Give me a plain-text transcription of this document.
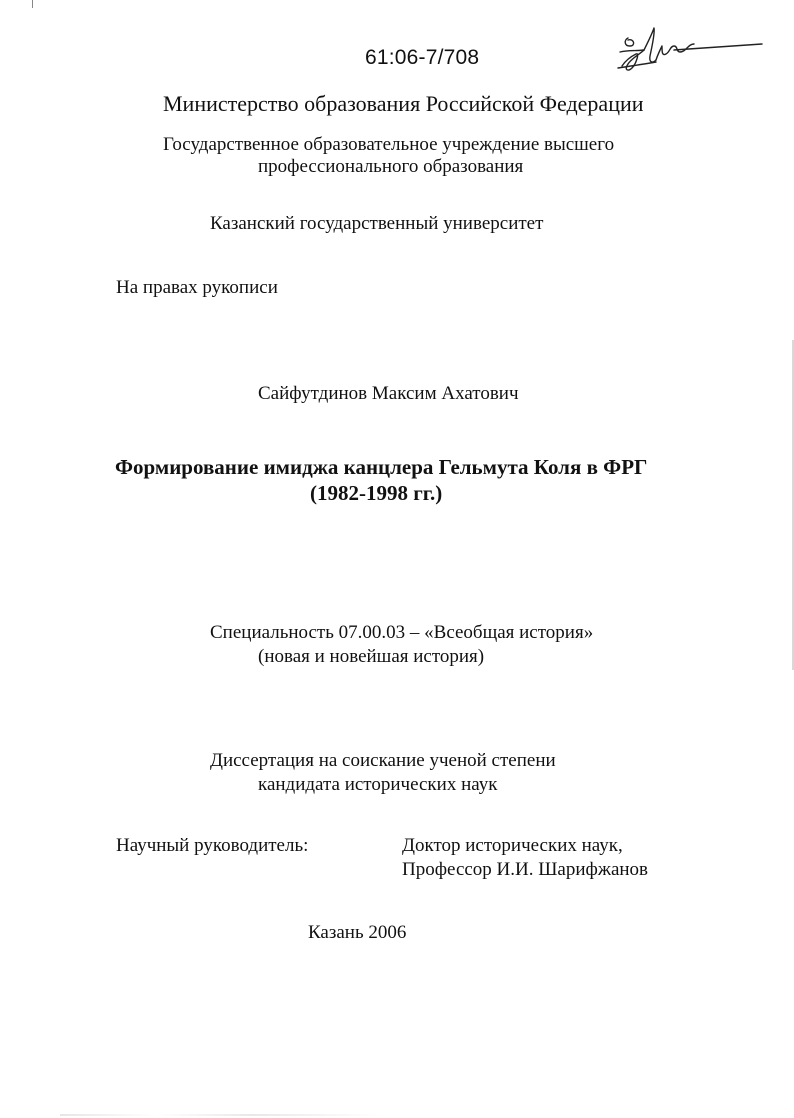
61:06-7/708
Министерство образования Российской Федерации
Государственное образовательное учреждение высшего
профессионального образования
Казанский государственный университет
На правах рукописи
Сайфутдинов Максим Ахатович
Формирование имиджа канцлера Гельмута Коля в ФРГ
(1982-1998 гг.)
Специальность 07.00.03 – «Всеобщая история»
(новая и новейшая история)
Диссертация на соискание ученой степени
кандидата исторических наук
Научный руководитель:	Доктор исторических наук,
Профессор И.И. Шарифжанов
Казань 2006
